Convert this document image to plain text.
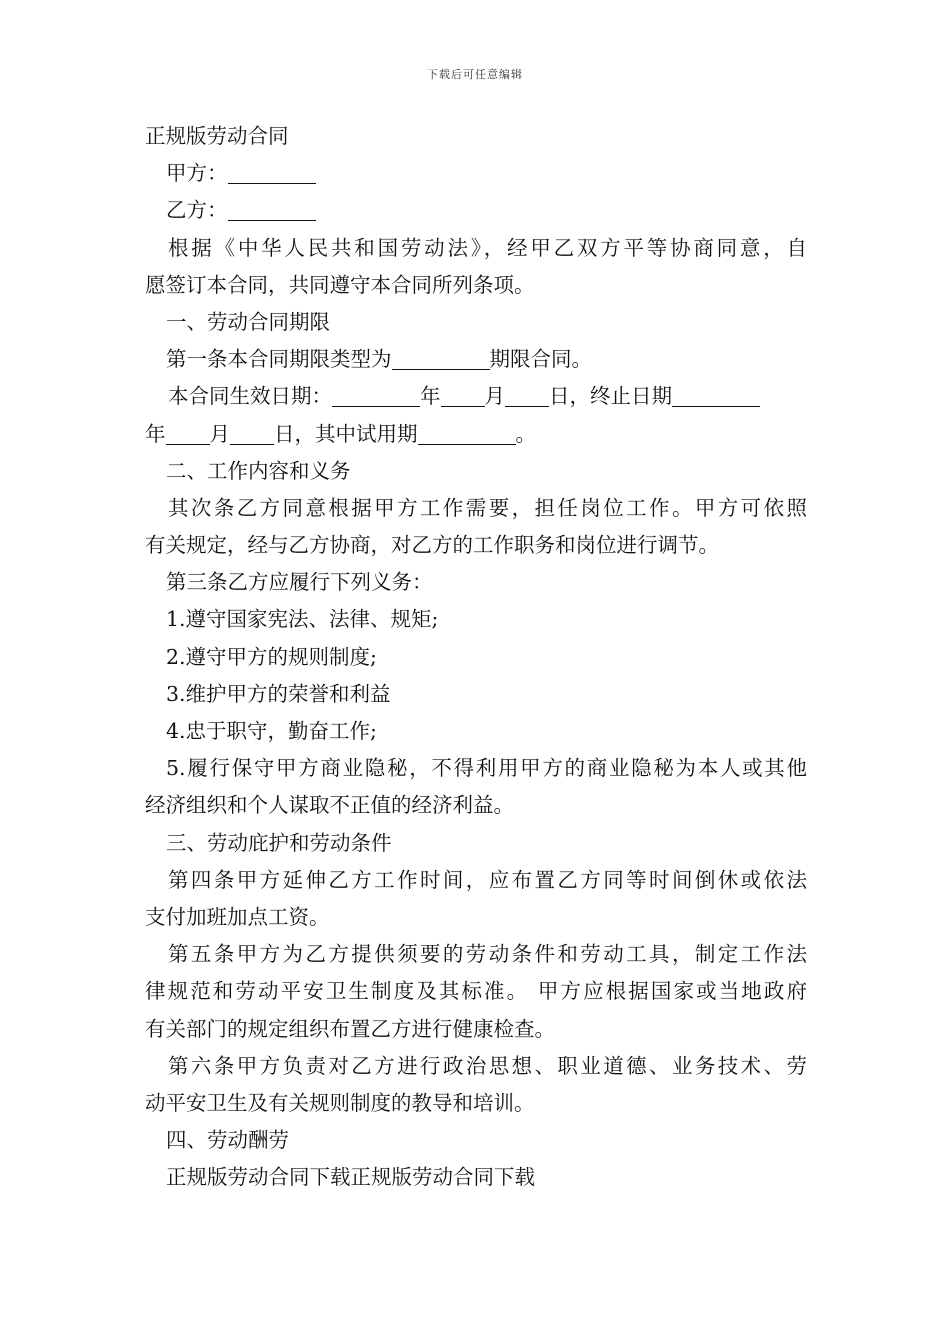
下载后可任意编辑
正规版劳动合同
甲方：
乙方：
根据《中华人民共和国劳动法》，经甲乙双方平等协商同意，自
愿签订本合同，共同遵守本合同所列条项。
一、劳动合同期限
第一条本合同期限类型为	期限合同。
本合同生效日期：	年 月 日，终止日期
年 月 日，其中试用期	。
二、工作内容和义务
其次条乙方同意根据甲方工作需要，担任岗位工作。甲方可依照
有关规定，经与乙方协商，对乙方的工作职务和岗位进行调节。
第三条乙方应履行下列义务：
1.遵守国家宪法、法律、规矩;
2.遵守甲方的规则制度;
3.维护甲方的荣誉和利益
4.忠于职守，勤奋工作;
5.履行保守甲方商业隐秘，不得利用甲方的商业隐秘为本人或其他
经济组织和个人谋取不正值的经济利益。
三、劳动庇护和劳动条件
第四条甲方延伸乙方工作时间，应布置乙方同等时间倒休或依法
支付加班加点工资。
第五条甲方为乙方提供须要的劳动条件和劳动工具，制定工作法
律规范和劳动平安卫生制度及其标准。 甲方应根据国家或当地政府
有关部门的规定组织布置乙方进行健康检查。
第六条甲方负责对乙方进行政治思想、职业道德、业务技术、劳
动平安卫生及有关规则制度的教导和培训。
四、劳动酬劳
正规版劳动合同下载正规版劳动合同下载
